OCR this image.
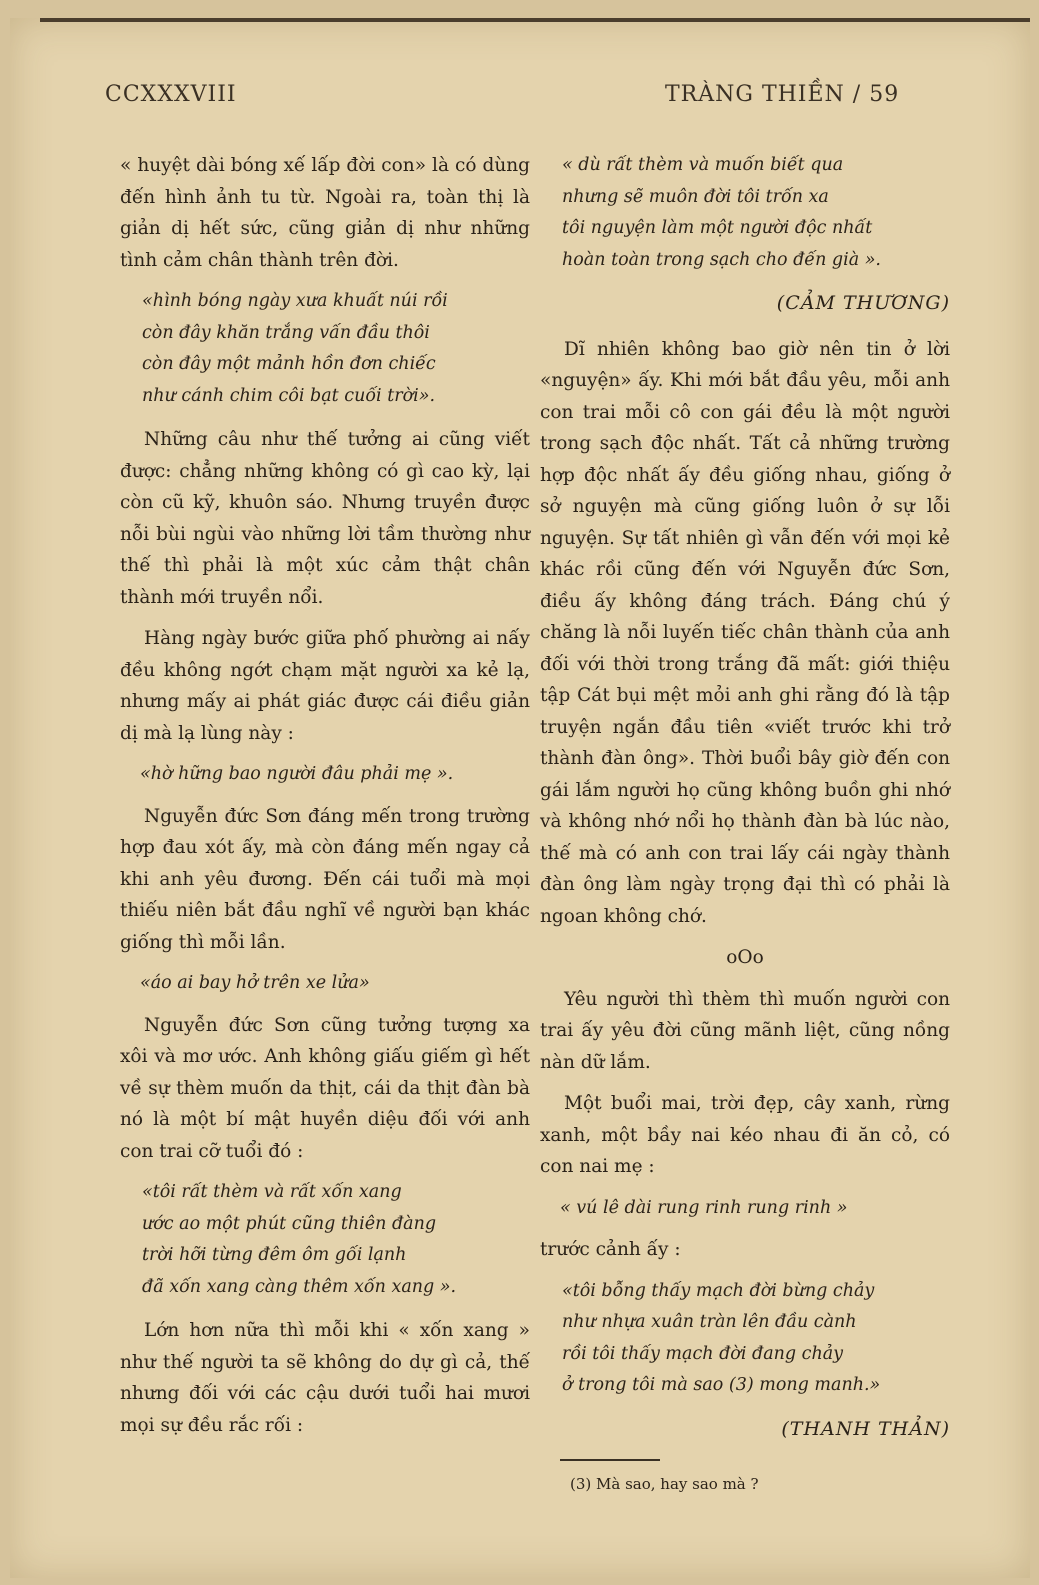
CCXXXVIII	TRÀNG THIỀN / 59

« huyệt dài bóng xế lấp đời con» là có dùng đến hình ảnh tu từ. Ngoài ra, toàn thị là giản dị hết sức, cũng giản dị như những tình cảm chân thành trên đời.

«hình bóng ngày xưa khuất núi rồi
còn đây khăn trắng vấn đầu thôi
còn đây một mảnh hồn đơn chiếc
như cánh chim côi bạt cuối trời».

Những câu như thế tưởng ai cũng viết được: chẳng những không có gì cao kỳ, lại còn cũ kỹ, khuôn sáo. Nhưng truyền được nỗi bùi ngùi vào những lời tầm thường như thế thì phải là một xúc cảm thật chân thành mới truyền nổi.

Hàng ngày bước giữa phố phường ai nấy đều không ngớt chạm mặt người xa kẻ lạ, nhưng mấy ai phát giác được cái điều giản dị mà lạ lùng này :

«hờ hững bao người đâu phải mẹ ».

Nguyễn đức Sơn đáng mến trong trường hợp đau xót ấy, mà còn đáng mến ngay cả khi anh yêu đương. Đến cái tuổi mà mọi thiếu niên bắt đầu nghĩ về người bạn khác giống thì mỗi lần.

«áo ai bay hở trên xe lửa»

Nguyễn đức Sơn cũng tưởng tượng xa xôi và mơ ước. Anh không giấu giếm gì hết về sự thèm muốn da thịt, cái da thịt đàn bà nó là một bí mật huyền diệu đối với anh con trai cỡ tuổi đó :

«tôi rất thèm và rất xốn xang
ước ao một phút cũng thiên đàng
trời hỡi từng đêm ôm gối lạnh
đã xốn xang càng thêm xốn xang ».

Lớn hơn nữa thì mỗi khi « xốn xang » như thế người ta sẽ không do dự gì cả, thế nhưng đối với các cậu dưới tuổi hai mươi mọi sự đều rắc rối :

« dù rất thèm và muốn biết qua
nhưng sẽ muôn đời tôi trốn xa
tôi nguyện làm một người độc nhất
hoàn toàn trong sạch cho đến già ».
(CẢM THƯƠNG)

Dĩ nhiên không bao giờ nên tin ở lời «nguyện» ấy. Khi mới bắt đầu yêu, mỗi anh con trai mỗi cô con gái đều là một người trong sạch độc nhất. Tất cả những trường hợp độc nhất ấy đều giống nhau, giống ở sở nguyện mà cũng giống luôn ở sự lỗi nguyện. Sự tất nhiên gì vẫn đến với mọi kẻ khác rồi cũng đến với Nguyễn đức Sơn, điều ấy không đáng trách. Đáng chú ý chăng là nỗi luyến tiếc chân thành của anh đối với thời trong trắng đã mất: giới thiệu tập Cát bụi mệt mỏi anh ghi rằng đó là tập truyện ngắn đầu tiên «viết trước khi trở thành đàn ông». Thời buổi bây giờ đến con gái lắm người họ cũng không buồn ghi nhớ và không nhớ nổi họ thành đàn bà lúc nào, thế mà có anh con trai lấy cái ngày thành đàn ông làm ngày trọng đại thì có phải là ngoan không chớ.

oOo

Yêu người thì thèm thì muốn người con trai ấy yêu đời cũng mãnh liệt, cũng nồng nàn dữ lắm.

Một buổi mai, trời đẹp, cây xanh, rừng xanh, một bầy nai kéo nhau đi ăn cỏ, có con nai mẹ :

« vú lê dài rung rinh rung rinh »

trước cảnh ấy :

«tôi bỗng thấy mạch đời bừng chảy
như nhựa xuân tràn lên đầu cành
rồi tôi thấy mạch đời đang chảy
ở trong tôi mà sao (3) mong manh.»
(THANH THẢN)

(3) Mà sao, hay sao mà ?
